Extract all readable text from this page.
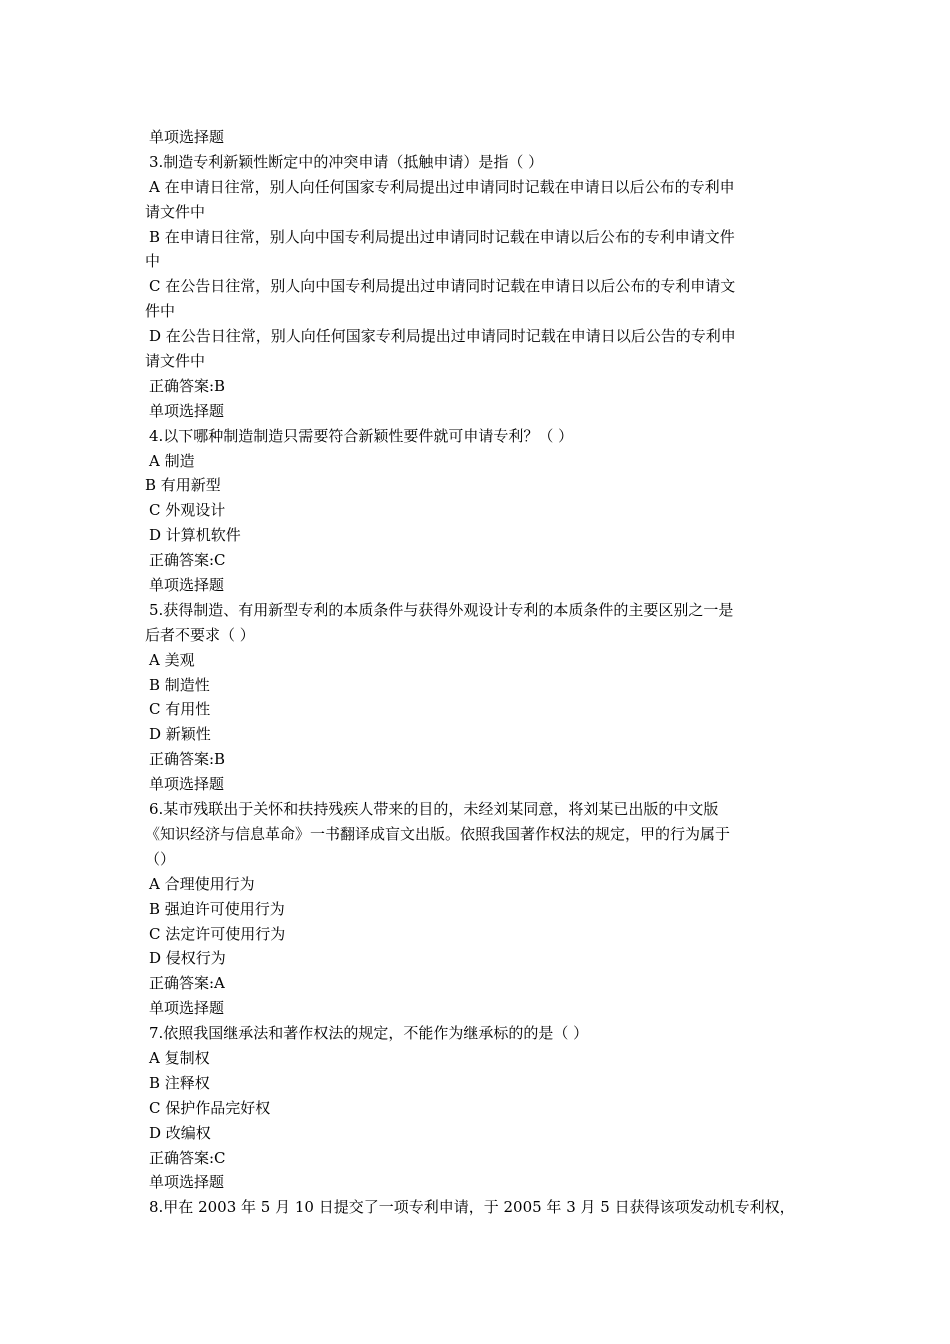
单项选择题
3.制造专利新颖性断定中的冲突申请（抵触申请）是指（ ）
A 在申请日往常，别人向任何国家专利局提出过申请同时记载在申请日以后公布的专利申
请文件中
B 在申请日往常，别人向中国专利局提出过申请同时记载在申请以后公布的专利申请文件
中
C 在公告日往常，别人向中国专利局提出过申请同时记载在申请日以后公布的专利申请文
件中
D 在公告日往常，别人向任何国家专利局提出过申请同时记载在申请日以后公告的专利申
请文件中
正确答案:B
单项选择题
4.以下哪种制造制造只需要符合新颖性要件就可申请专利？（ ）
A 制造
B 有用新型
C 外观设计
D 计算机软件
正确答案:C
单项选择题
5.获得制造、有用新型专利的本质条件与获得外观设计专利的本质条件的主要区别之一是
后者不要求（ ）
A 美观
B 制造性
C 有用性
D 新颖性
正确答案:B
单项选择题
6.某市残联出于关怀和扶持残疾人带来的目的，未经刘某同意，将刘某已出版的中文版
《知识经济与信息革命》一书翻译成盲文出版。依照我国著作权法的规定，甲的行为属于
（）
A 合理使用行为
B 强迫许可使用行为
C 法定许可使用行为
D 侵权行为
正确答案:A
单项选择题
7.依照我国继承法和著作权法的规定，不能作为继承标的的是（ ）
A 复制权
B 注释权
C 保护作品完好权
D 改编权
正确答案:C
单项选择题
8.甲在 2003 年 5 月 10 日提交了一项专利申请，于 2005 年 3 月 5 日获得该项发动机专利权，
